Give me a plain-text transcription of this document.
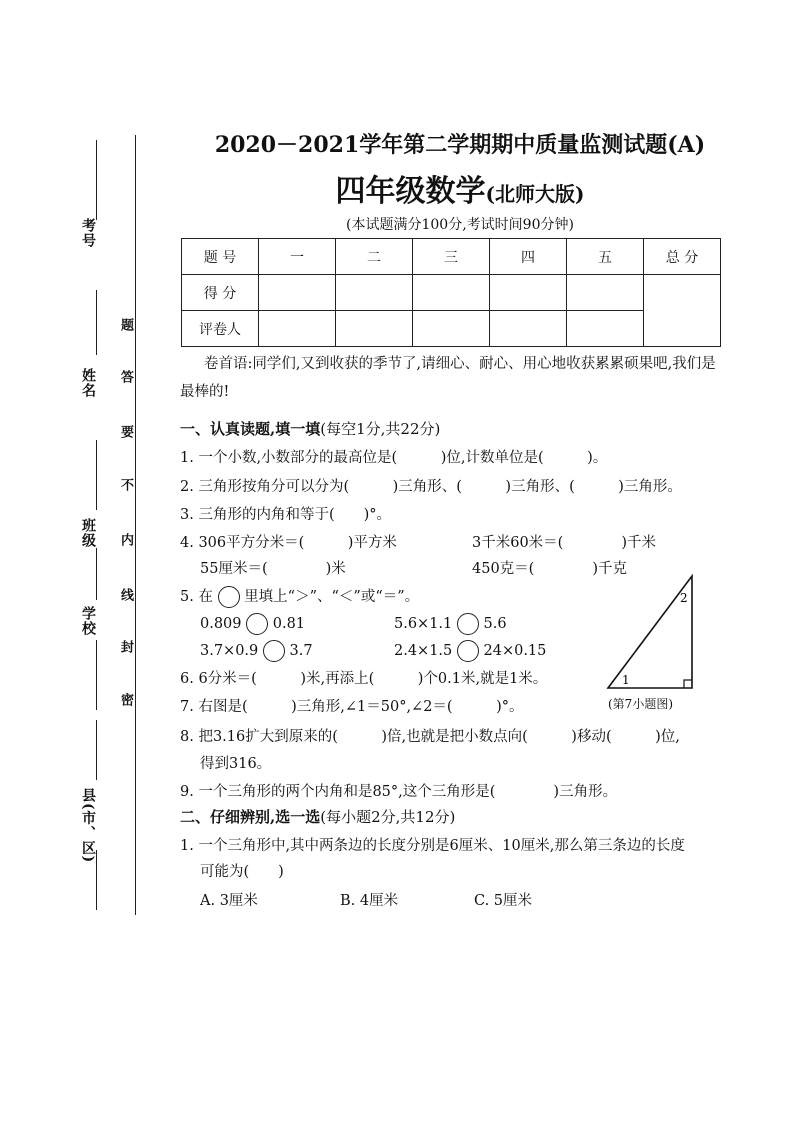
考号
姓名
班级
学校
县(市、区)
题
答
要
不
内
线
封
密
2020－2021学年第二学期期中质量监测试题(A)
四年级数学(北师大版)
(本试题满分100分,考试时间90分钟)
题 号	一	二	三	四	五	总 分
得 分						
评卷人						
卷首语:同学们,又到收获的季节了,请细心、耐心、用心地收获累累硕果吧,我们是最棒的!
一、认真读题,填一填(每空1分,共22分)
1. 一个小数,小数部分的最高位是(　　　)位,计数单位是(　　　)。
2. 三角形按角分可以分为(　　　)三角形、(　　　)三角形、(　　　)三角形。
3. 三角形的内角和等于(　　)°。
4. 306平方分米＝(　　　)平方米	3千米60米＝(　　　　)千米
55厘米＝(　　　　)米	450克＝(　　　　)千克
5. 在 里填上“＞”、“＜”或“＝”。
0.809 0.81	5.6×1.1 5.6
3.7×0.9 3.7	2.4×1.5 24×0.15
6. 6分米＝(　　　)米,再添上(　　　)个0.1米,就是1米。
7. 右图是(　　　)三角形,∠1＝50°,∠2＝(　　　)°。
1
2
(第7小题图)
8. 把3.16扩大到原来的(　　　)倍,也就是把小数点向(　　　)移动(　　　)位,
得到316。
9. 一个三角形的两个内角和是85°,这个三角形是(　　　　)三角形。
二、仔细辨别,选一选(每小题2分,共12分)
1. 一个三角形中,其中两条边的长度分别是6厘米、10厘米,那么第三条边的长度
可能为(　　)
A. 3厘米	B. 4厘米	C. 5厘米
